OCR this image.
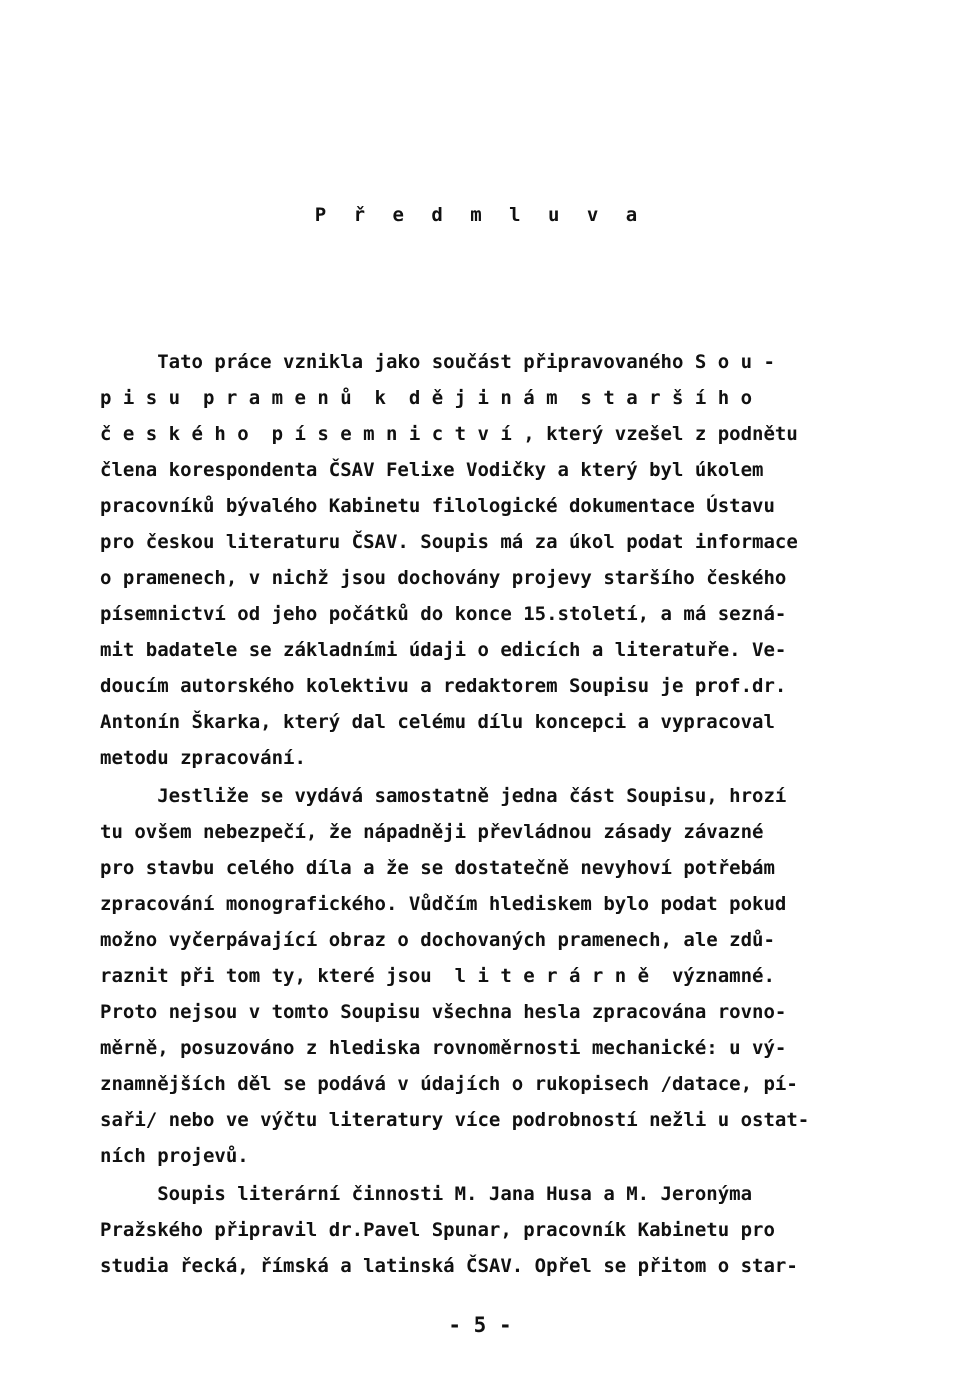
P ř e d m l u v a
Tato práce vznikla jako součást připravovaného S o u -
p i s u  p r a m e n ů  k  d ě j i n á m  s t a r š í h o
č e s k é h o  p í s e m n i c t v í , který vzešel z podnětu
člena korespondenta ČSAV Felixe Vodičky a který byl úkolem
pracovníků bývalého Kabinetu filologické dokumentace Ústavu
pro českou literaturu ČSAV. Soupis má za úkol podat informace
o pramenech, v nichž jsou dochovány projevy staršího českého
písemnictví od jeho počátků do konce 15.století, a má sezná-
mit badatele se základními údaji o edicích a literatuře. Ve-
doucím autorského kolektivu a redaktorem Soupisu je prof.dr.
Antonín Škarka, který dal celému dílu koncepci a vypracoval
metodu zpracování.
Jestliže se vydává samostatně jedna část Soupisu, hrozí
tu ovšem nebezpečí, že nápadněji převládnou zásady závazné
pro stavbu celého díla a že se dostatečně nevyhoví potřebám
zpracování monografického. Vůdčím hlediskem bylo podat pokud
možno vyčerpávající obraz o dochovaných pramenech, ale zdů-
raznit při tom ty, které jsou  l i t e r á r n ě  významné.
Proto nejsou v tomto Soupisu všechna hesla zpracována rovno-
měrně, posuzováno z hlediska rovnoměrnosti mechanické: u vý-
znamnějších děl se podává v údajích o rukopisech /datace, pí-
saři/ nebo ve výčtu literatury více podrobností nežli u ostat-
ních projevů.
Soupis literární činnosti M. Jana Husa a M. Jeronýma
Pražského připravil dr.Pavel Spunar, pracovník Kabinetu pro
studia řecká, římská a latinská ČSAV. Opřel se přitom o star-
- 5 -
